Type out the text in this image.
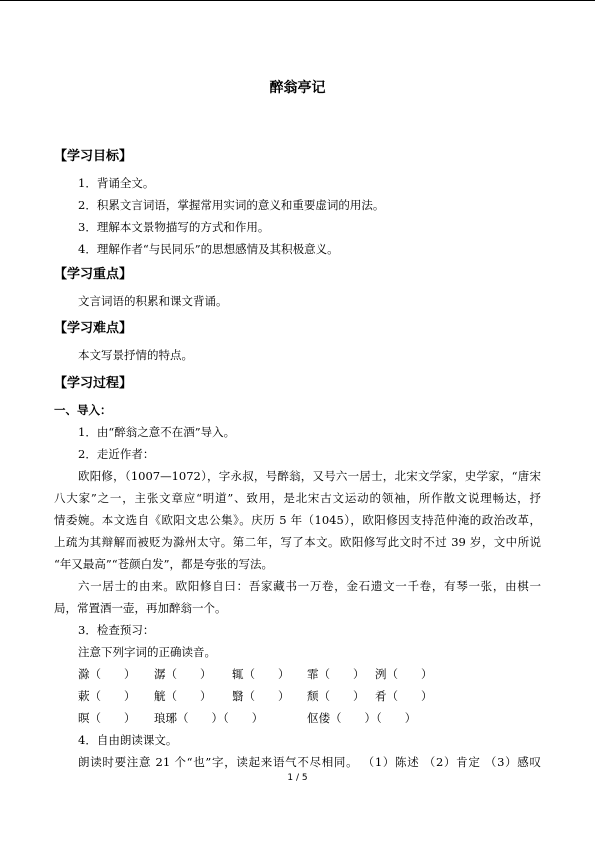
醉翁亭记
【学习目标】
1．背诵全文。
2．积累文言词语，掌握常用实词的意义和重要虚词的用法。
3．理解本文景物描写的方式和作用。
4．理解作者“与民同乐”的思想感情及其积极意义。
【学习重点】
文言词语的积累和课文背诵。
【学习难点】
本文写景抒情的特点。
【学习过程】
一、导入：
1．由“醉翁之意不在酒”导入。
2．走近作者：
欧阳修，（1007—1072），字永叔，号醉翁，又号六一居士，北宋文学家，史学家，“唐宋
八大家”之一，主张文章应“明道”、致用，是北宋古文运动的领袖，所作散文说理畅达，抒
情委婉。本文选自《欧阳文忠公集》。庆历 5 年（1045），欧阳修因支持范仲淹的政治改革，
上疏为其辩解而被贬为滁州太守。第二年，写了本文。欧阳修写此文时不过 39 岁，文中所说
“年又最高”“苍颜白发”，都是夸张的写法。
六一居士的由来。欧阳修自曰：吾家藏书一万卷，金石遗文一千卷，有琴一张，由棋一
局，常置酒一壶，再加醉翁一个。
3．检查预习：
注意下列字词的正确读音。
滁（　　） 潺（　　） 辄（　　） 霏（　　） 洌（　　）
蔌（　　） 觥（　　） 翳（　　） 颓（　　） 肴（　　）
暝（　　） 琅琊（　　）（　　）	伛偻（　　）（　　）
4．自由朗读课文。
朗读时要注意 21 个“也”字，读起来语气不尽相同。 （1）陈述 （2）肯定 （3）感叹
1 / 5
